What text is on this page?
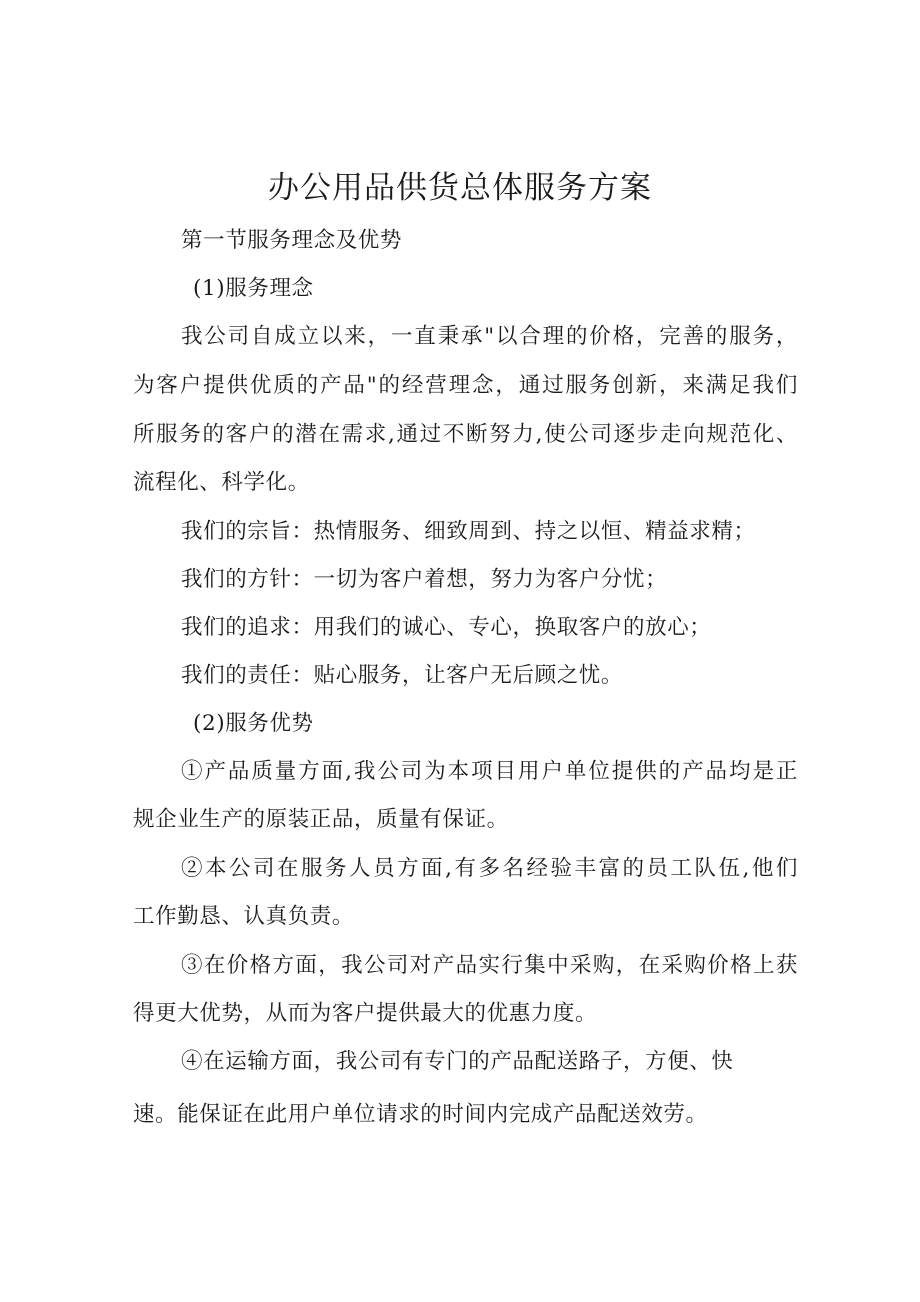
办公用品供货总体服务方案
第一节服务理念及优势
(1)服务理念
我公司自成立以来，一直秉承"以合理的价格，完善的服务，
为客户提供优质的产品"的经营理念，通过服务创新，来满足我们
所服务的客户的潜在需求,通过不断努力,使公司逐步走向规范化、
流程化、科学化。
我们的宗旨：热情服务、细致周到、持之以恒、精益求精；
我们的方针：一切为客户着想，努力为客户分忧；
我们的追求：用我们的诚心、专心，换取客户的放心；
我们的责任：贴心服务，让客户无后顾之忧。
(2)服务优势
①产品质量方面,我公司为本项目用户单位提供的产品均是正
规企业生产的原装正品，质量有保证。
②本公司在服务人员方面,有多名经验丰富的员工队伍,他们
工作勤恳、认真负责。
③在价格方面，我公司对产品实行集中采购，在采购价格上获
得更大优势，从而为客户提供最大的优惠力度。
④在运输方面，我公司有专门的产品配送路子，方便、快
速。能保证在此用户单位请求的时间内完成产品配送效劳。
